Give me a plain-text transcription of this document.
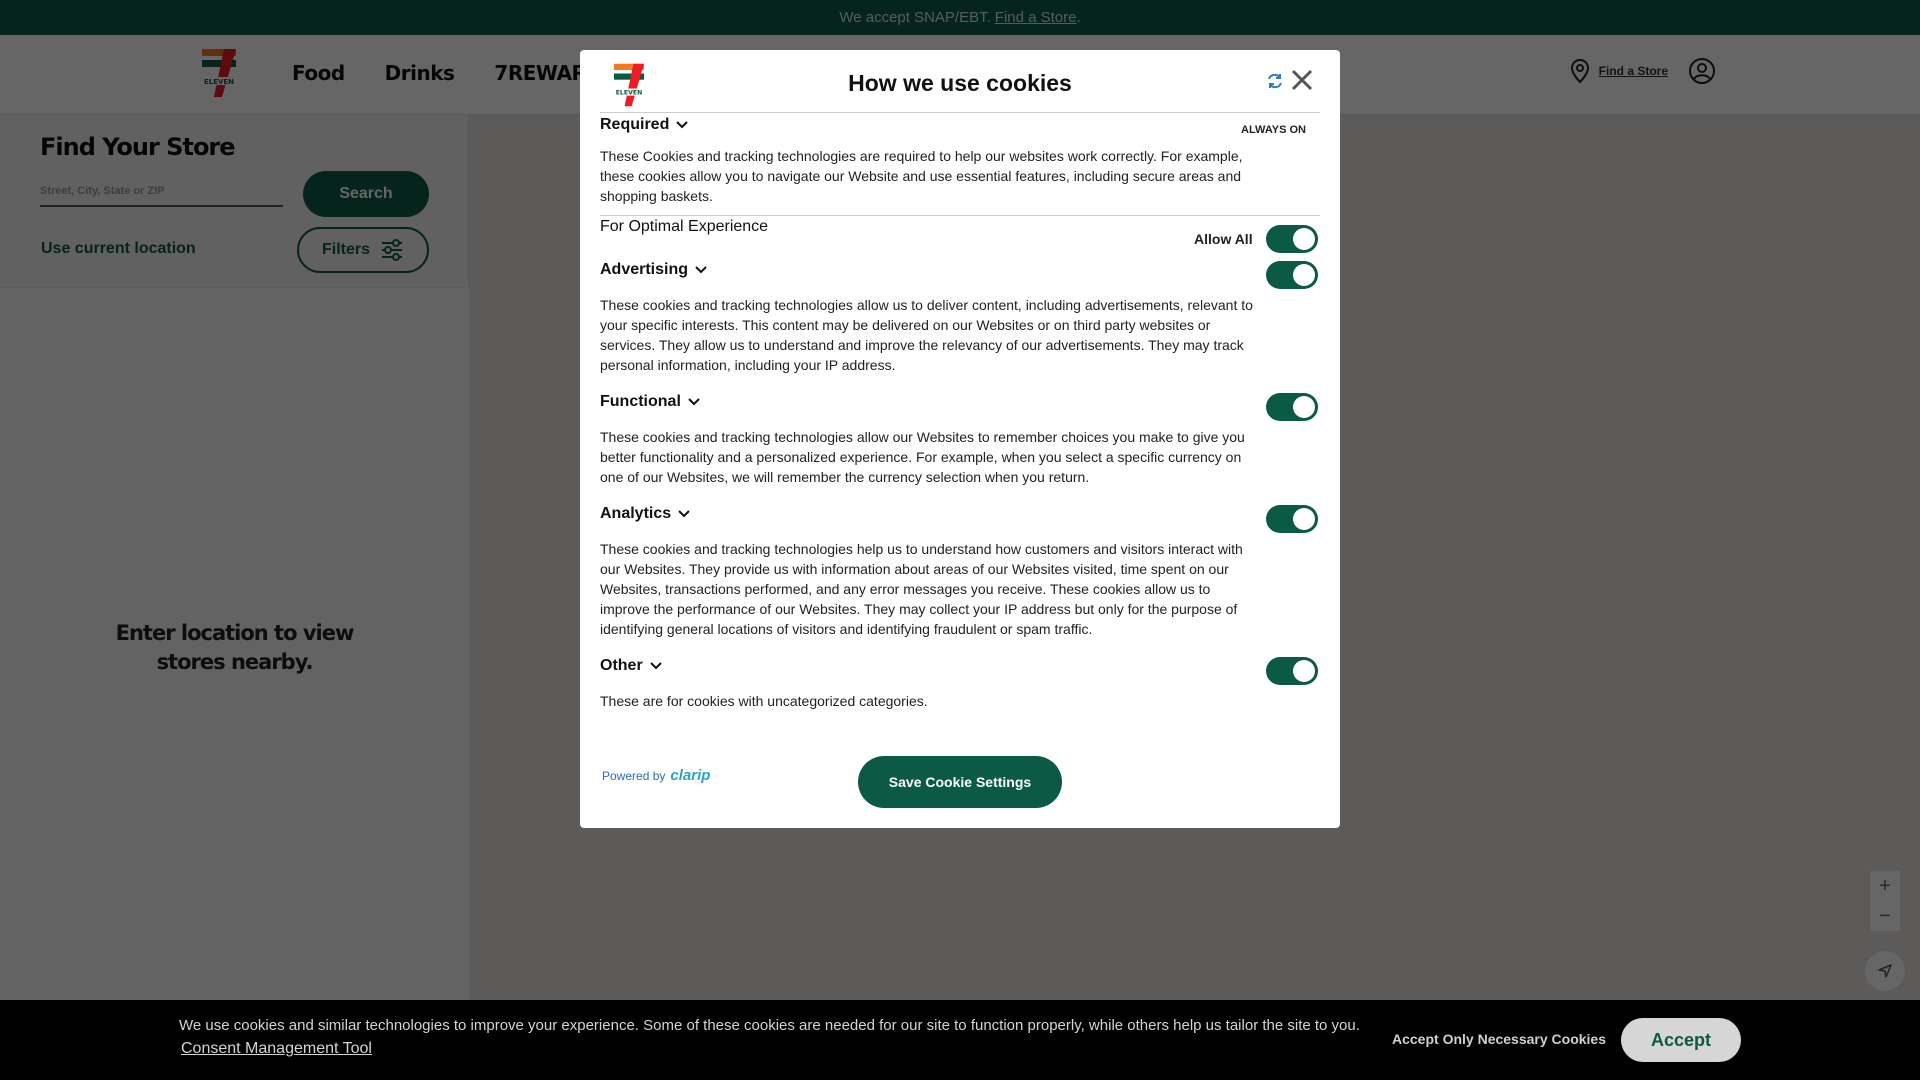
Street, City, State or ZIP
We use cookies and similar technologies to improve your experience. Some of these cookies are needed for our site to function properly, while others help us tailor the site to you.
Consent Management Tool
Accept Only Necessary Cookies	Accept
ELEVEN	How we use cookies
Required	ALWAYS ON
These Cookies and tracking technologies are required to help our websites work correctly. For example, these cookies allow you to navigate our Website and use essential features, including secure areas and shopping baskets.
For Optimal Experience
Allow All
Advertising
These cookies and tracking technologies allow us to deliver content, including advertisements, relevant to your specific interests. This content may be delivered on our Websites or on third party websites or services. They allow us to understand and improve the relevancy of our advertisements. They may track personal information, including your IP address.
Functional
These cookies and tracking technologies allow our Websites to remember choices you make to give you better functionality and a personalized experience. For example, when you select a specific currency on one of our Websites, we will remember the currency selection when you return.
Analytics
These cookies and tracking technologies help us to understand how customers and visitors interact with our Websites. They provide us with information about areas of our Websites visited, time spent on our Websites, transactions performed, and any error messages you receive. These cookies allow us to improve the performance of our Websites. They may collect your IP address but only for the purpose of identifying general locations of visitors and identifying fraudulent or spam traffic.
Other
These are for cookies with uncategorized categories.
Powered by clarip	Save Cookie Settings
